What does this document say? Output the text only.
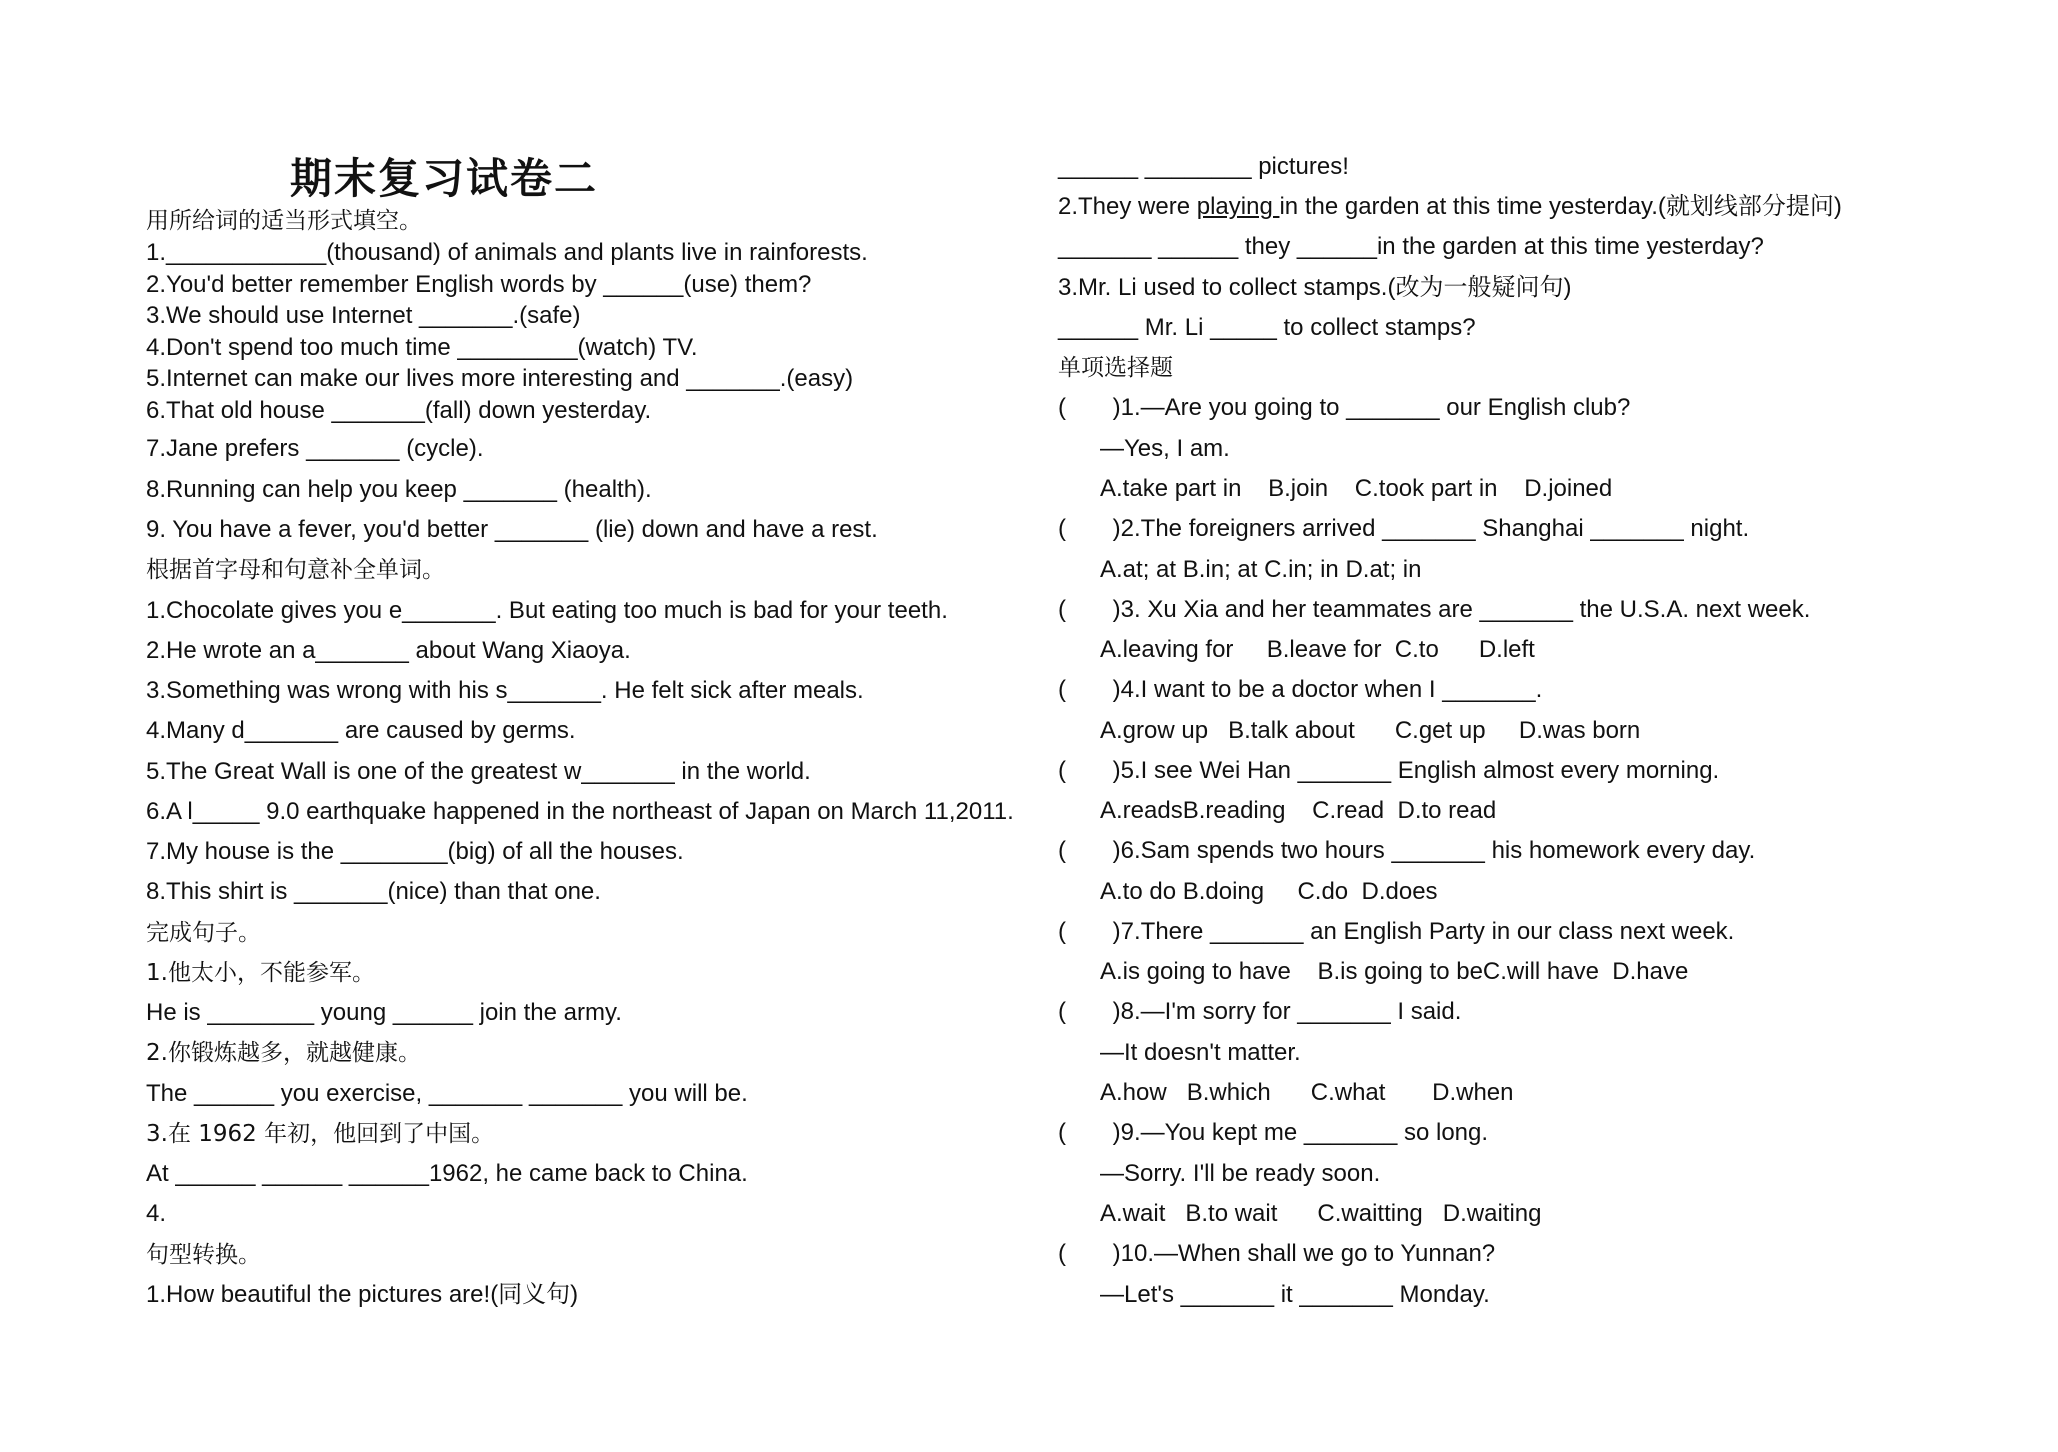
期末复习试卷二
用所给词的适当形式填空。
1.____________(thousand) of animals and plants live in rainforests.
2.You'd better remember English words by ______(use) them?
3.We should use Internet _______.(safe)
4.Don't spend too much time _________(watch) TV.
5.Internet can make our lives more interesting and _______.(easy)
6.That old house _______(fall) down yesterday.
7.Jane prefers _______ (cycle).
8.Running can help you keep _______ (health).
9. You have a fever, you'd better _______ (lie) down and have a rest.
根据首字母和句意补全单词。
1.Chocolate gives you e_______. But eating too much is bad for your teeth.
2.He wrote an a_______ about Wang Xiaoya.
3.Something was wrong with his s_______. He felt sick after meals.
4.Many d_______ are caused by germs.
5.The Great Wall is one of the greatest w_______ in the world.
6.A l_____ 9.0 earthquake happened in the northeast of Japan on March 11,2011.
7.My house is the ________(big) of all the houses.
8.This shirt is _______(nice) than that one.
完成句子。
1.他太小，不能参军。
He is ________ young ______ join the army.
2.你锻炼越多，就越健康。
The ______ you exercise, _______ _______ you will be.
3.在 1962 年初，他回到了中国。
At ______ ______ ______1962, he came back to China.
4.
句型转换。
1.How beautiful the pictures are!(同义句)
______ ________ pictures!
2.They were playing in the garden at this time yesterday.(就划线部分提问)
_______ ______ they ______in the garden at this time yesterday?
3.Mr. Li used to collect stamps.(改为一般疑问句)
______ Mr. Li _____ to collect stamps?
单项选择题
(       )1.—Are you going to _______ our English club?
—Yes, I am.
A.take part in    B.join    C.took part in    D.joined
(       )2.The foreigners arrived _______ Shanghai _______ night.
A.at; at B.in; at C.in; in D.at; in
(       )3. Xu Xia and her teammates are _______ the U.S.A. next week.
A.leaving for     B.leave for  C.to      D.left
(       )4.I want to be a doctor when I _______.
A.grow up   B.talk about      C.get up     D.was born
(       )5.I see Wei Han _______ English almost every morning.
A.readsB.reading    C.read  D.to read
(       )6.Sam spends two hours _______ his homework every day.
A.to do B.doing     C.do  D.does
(       )7.There _______ an English Party in our class next week.
A.is going to have    B.is going to beC.will have  D.have
(       )8.—I'm sorry for _______ I said.
—It doesn't matter.
A.how   B.which      C.what       D.when
(       )9.—You kept me _______ so long.
—Sorry. I'll be ready soon.
A.wait   B.to wait      C.waitting   D.waiting
(       )10.—When shall we go to Yunnan?
—Let's _______ it _______ Monday.
